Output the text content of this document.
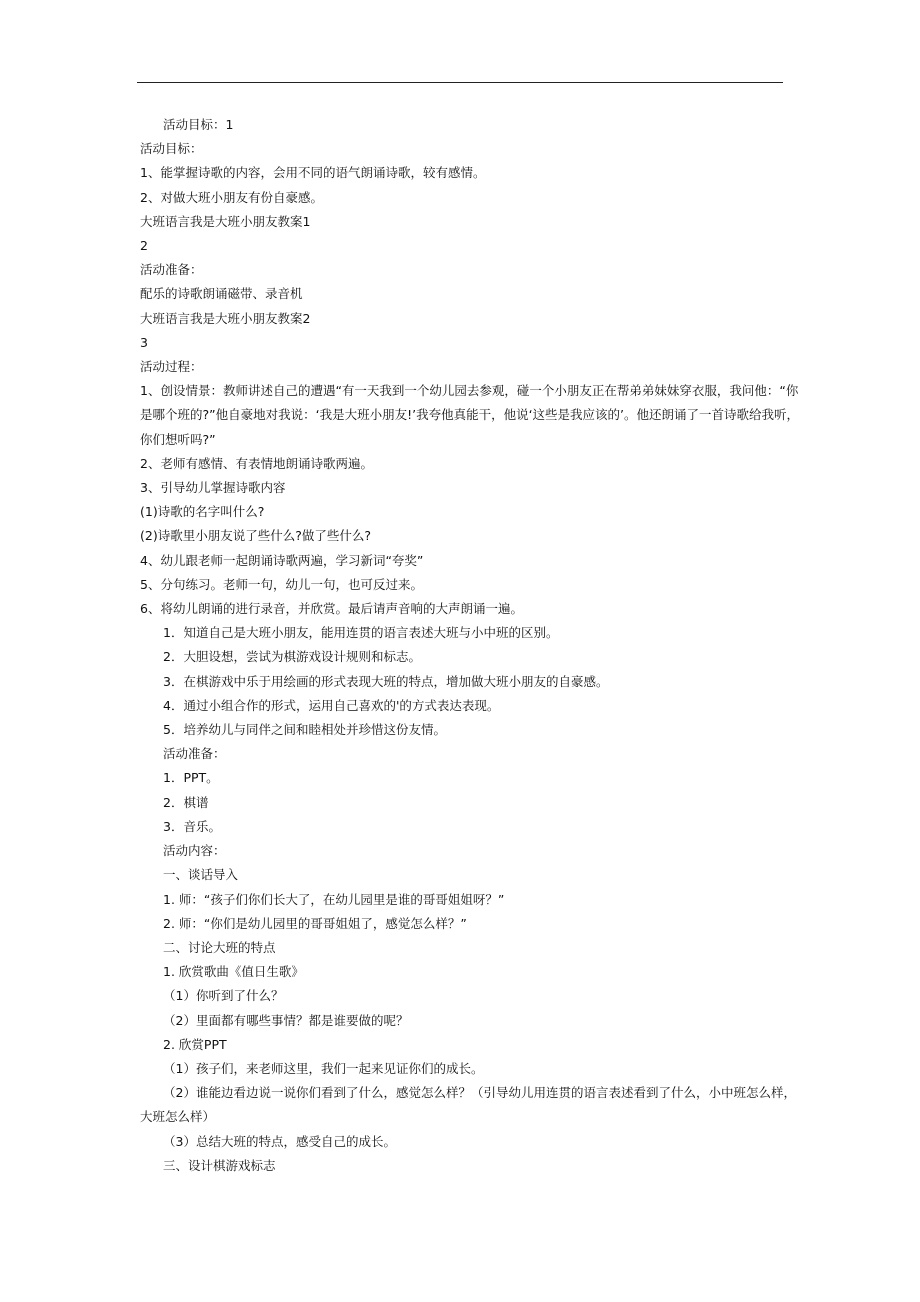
活动目标：1
活动目标：
1、能掌握诗歌的内容，会用不同的语气朗诵诗歌，较有感情。
2、对做大班小朋友有份自豪感。
大班语言我是大班小朋友教案1
2
活动准备：
配乐的诗歌朗诵磁带、录音机
大班语言我是大班小朋友教案2
3
活动过程：
1、创设情景：教师讲述自己的遭遇“有一天我到一个幼儿园去参观，碰一个小朋友正在帮弟弟妹妹穿衣服，我问他：“你
是哪个班的?”他自豪地对我说：‘我是大班小朋友!’我夸他真能干，他说‘这些是我应该的’。他还朗诵了一首诗歌给我听，
你们想听吗?”
2、老师有感情、有表情地朗诵诗歌两遍。
3、引导幼儿掌握诗歌内容
(1)诗歌的名字叫什么?
(2)诗歌里小朋友说了些什么?做了些什么?
4、幼儿跟老师一起朗诵诗歌两遍，学习新词“夸奖”
5、分句练习。老师一句，幼儿一句，也可反过来。
6、将幼儿朗诵的进行录音，并欣赏。最后请声音响的大声朗诵一遍。
1．知道自己是大班小朋友，能用连贯的语言表述大班与小中班的区别。
2．大胆设想，尝试为棋游戏设计规则和标志。
3．在棋游戏中乐于用绘画的形式表现大班的特点，增加做大班小朋友的自豪感。
4．通过小组合作的形式，运用自己喜欢的'的方式表达表现。
5．培养幼儿与同伴之间和睦相处并珍惜这份友情。
活动准备：
1．PPT。
2．棋谱
3．音乐。
活动内容：
一、谈话导入
1. 师：“孩子们你们长大了，在幼儿园里是谁的哥哥姐姐呀？”
2. 师：“你们是幼儿园里的哥哥姐姐了，感觉怎么样？”
二、讨论大班的特点
1. 欣赏歌曲《值日生歌》
（1）你听到了什么？
（2）里面都有哪些事情？都是谁要做的呢？
2. 欣赏PPT
（1）孩子们，来老师这里，我们一起来见证你们的成长。
（2）谁能边看边说一说你们看到了什么，感觉怎么样？（引导幼儿用连贯的语言表述看到了什么，小中班怎么样，
大班怎么样）
（3）总结大班的特点，感受自己的成长。
三、设计棋游戏标志
